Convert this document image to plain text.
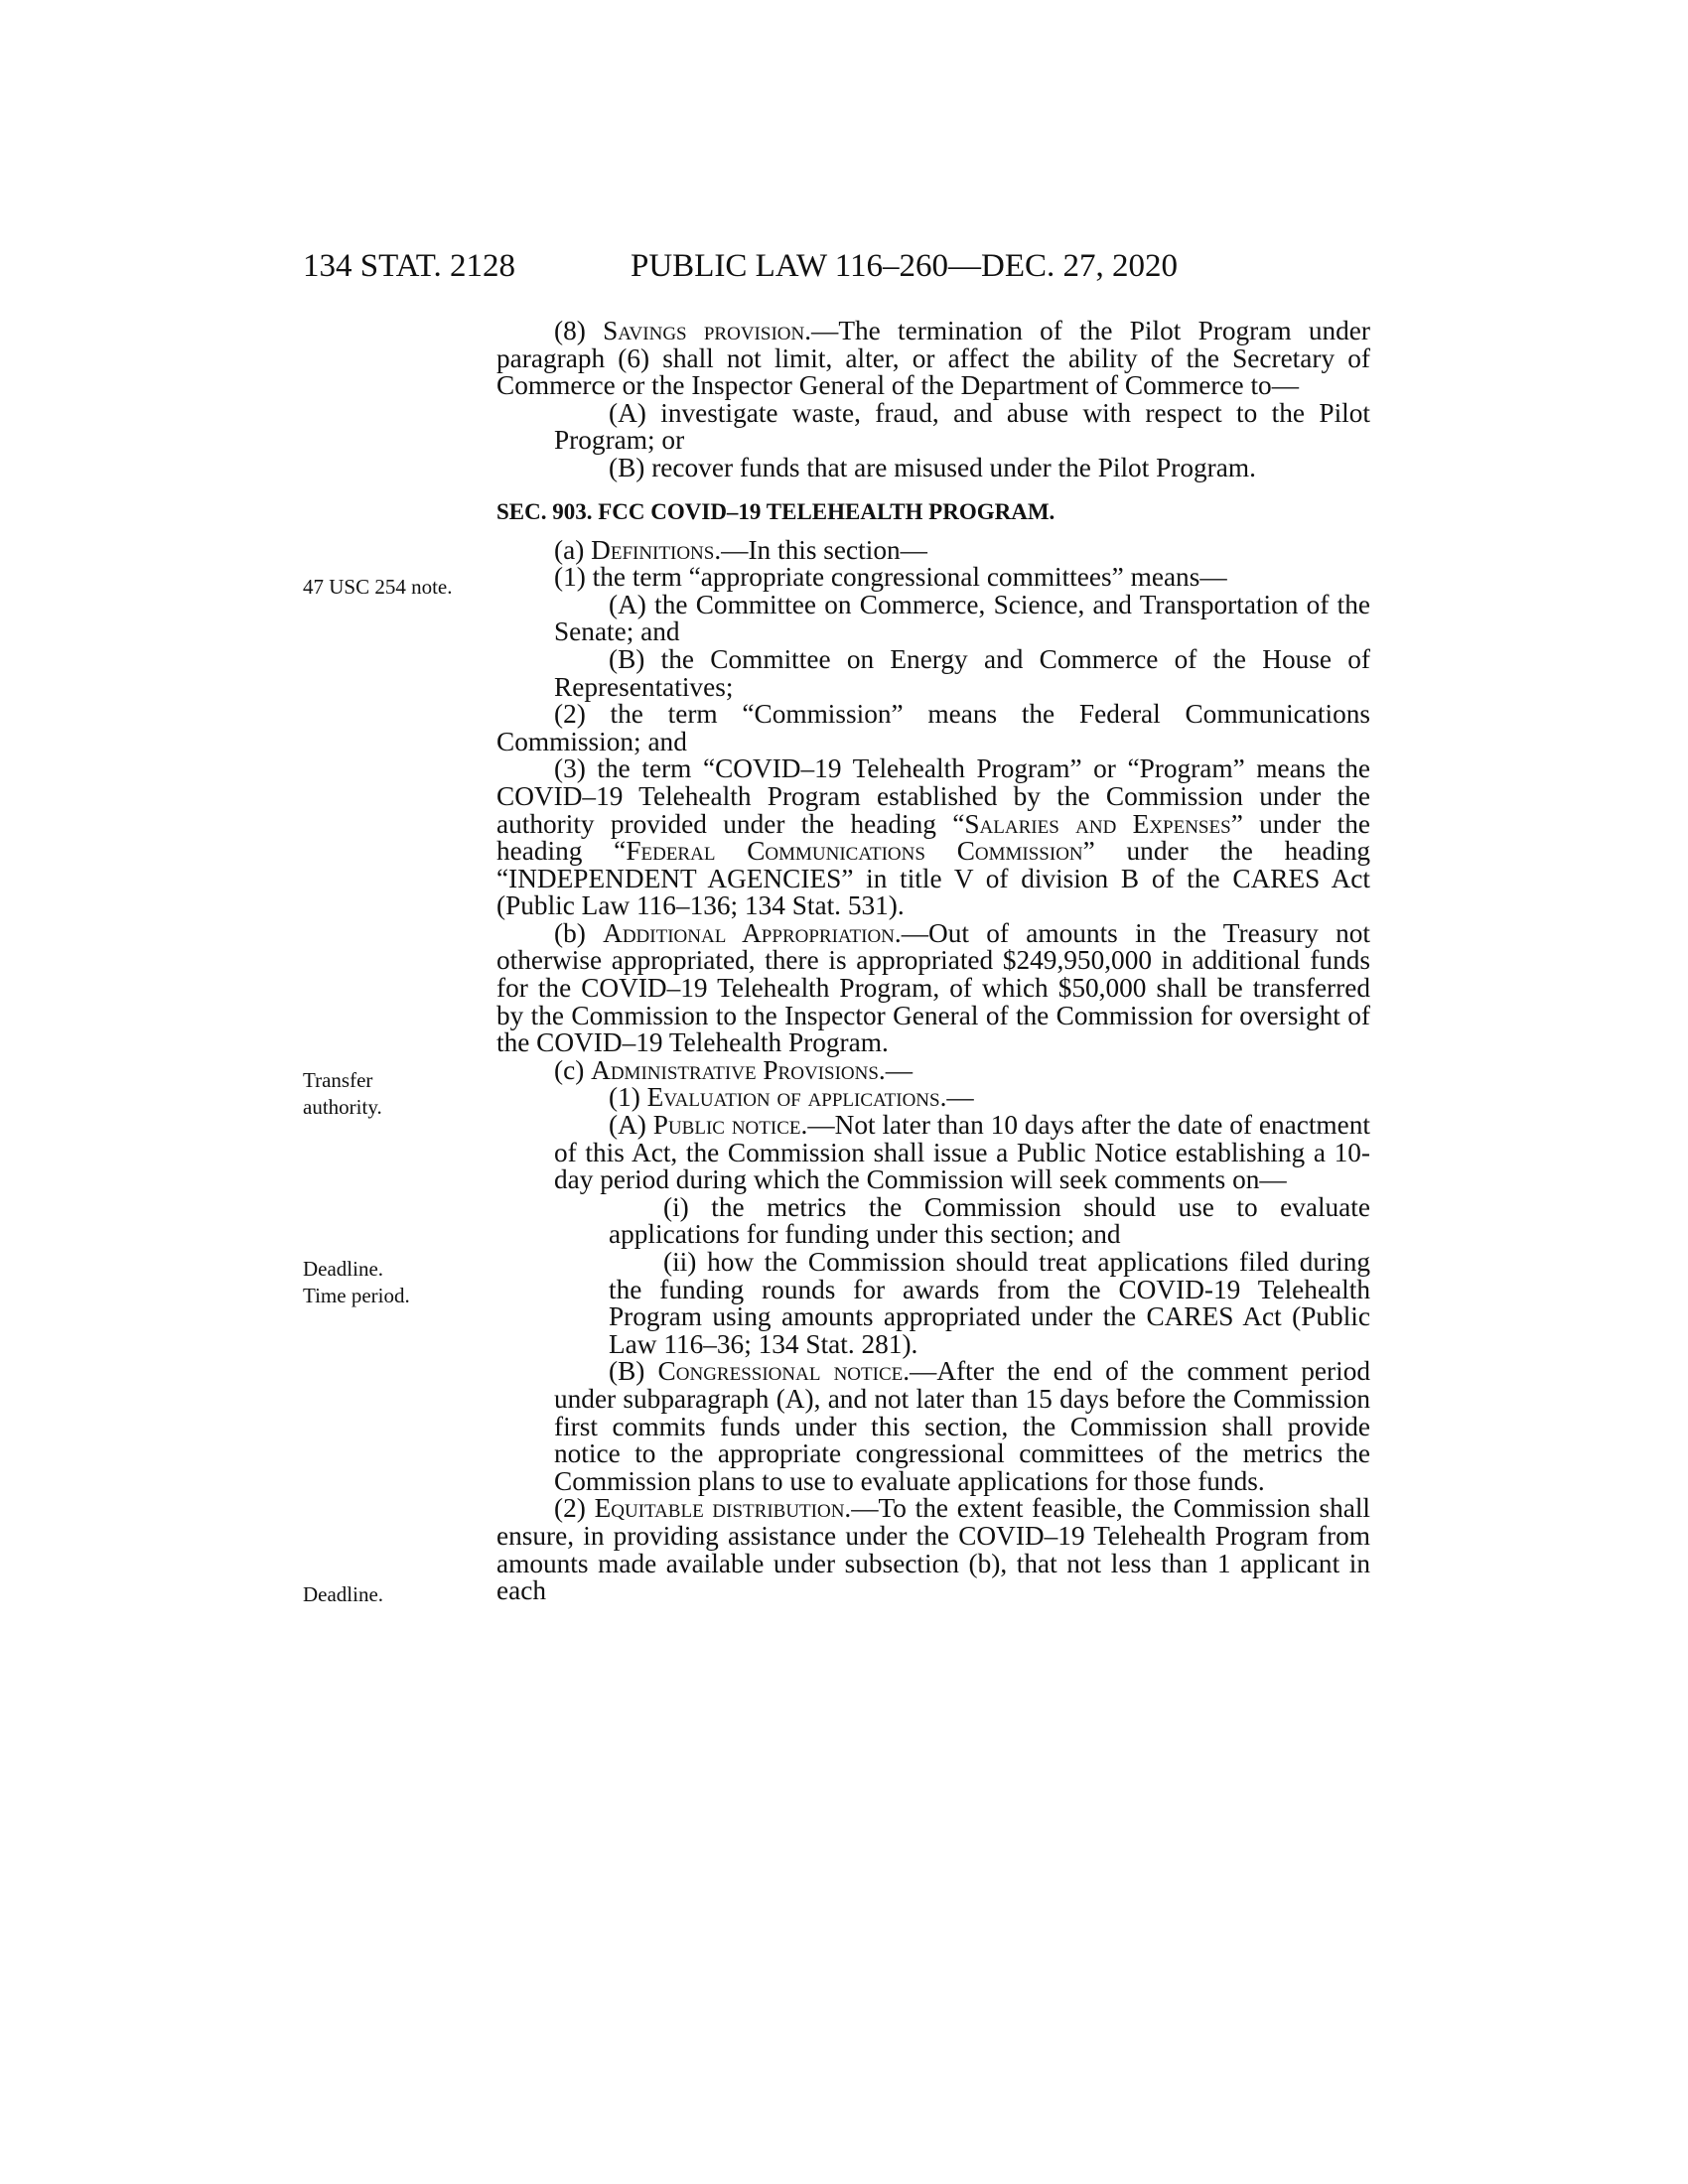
134 STAT. 2128	PUBLIC LAW 116–260—DEC. 27, 2020
47 USC 254 note.
Transfer
authority.
Deadline.
Time period.
Deadline.

(8) Savings provision.—The termination of the Pilot Program under paragraph (6) shall not limit, alter, or affect the ability of the Secretary of Commerce or the Inspector General of the Department of Commerce to—

(A) investigate waste, fraud, and abuse with respect to the Pilot Program; or

(B) recover funds that are misused under the Pilot Program.

SEC. 903. FCC COVID–19 TELEHEALTH PROGRAM.

(a) Definitions.—In this section—

(1) the term “appropriate congressional committees” means—

(A) the Committee on Commerce, Science, and Transportation of the Senate; and

(B) the Committee on Energy and Commerce of the House of Representatives;

(2) the term “Commission” means the Federal Communications Commission; and

(3) the term “COVID–19 Telehealth Program” or “Program” means the COVID–19 Telehealth Program established by the Commission under the authority provided under the heading “Salaries and Expenses” under the heading “Federal Communications Commission” under the heading “INDEPENDENT AGENCIES” in title V of division B of the CARES Act (Public Law 116–136; 134 Stat. 531).

(b) Additional Appropriation.—Out of amounts in the Treasury not otherwise appropriated, there is appropriated $249,950,000 in additional funds for the COVID–19 Telehealth Program, of which $50,000 shall be transferred by the Commission to the Inspector General of the Commission for oversight of the COVID–19 Telehealth Program.

(c) Administrative Provisions.—

(1) Evaluation of applications.—

(A) Public notice.—Not later than 10 days after the date of enactment of this Act, the Commission shall issue a Public Notice establishing a 10-day period during which the Commission will seek comments on—

(i) the metrics the Commission should use to evaluate applications for funding under this section; and

(ii) how the Commission should treat applications filed during the funding rounds for awards from the COVID-19 Telehealth Program using amounts appropriated under the CARES Act (Public Law 116–36; 134 Stat. 281).

(B) Congressional notice.—After the end of the comment period under subparagraph (A), and not later than 15 days before the Commission first commits funds under this section, the Commission shall provide notice to the appropriate congressional committees of the metrics the Commission plans to use to evaluate applications for those funds.

(2) Equitable distribution.—To the extent feasible, the Commission shall ensure, in providing assistance under the COVID–19 Telehealth Program from amounts made available under subsection (b), that not less than 1 applicant in each
